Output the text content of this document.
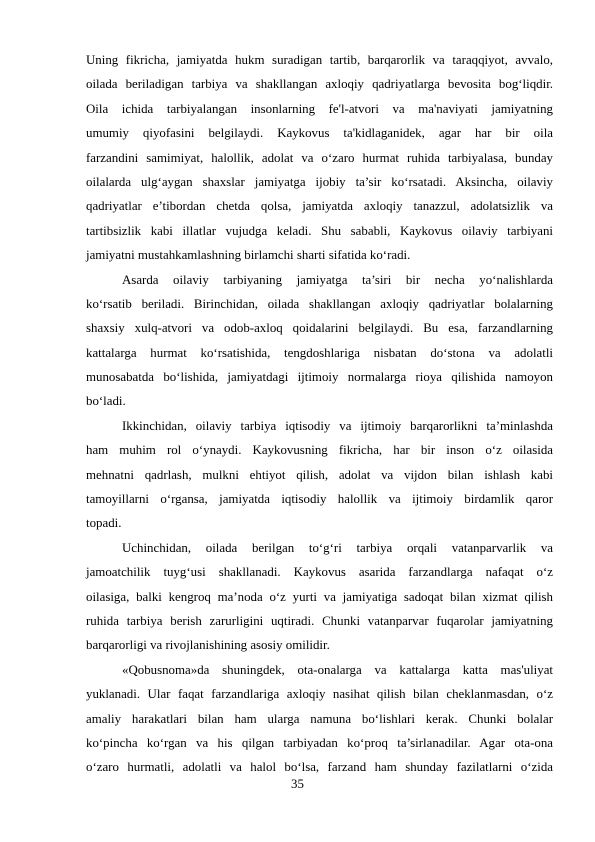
Uning fikricha, jamiyatda hukm suradigan tartib, barqarorlik va taraqqiyot, avvalo,
oilada beriladigan tarbiya va shakllangan axloqiy qadriyatlarga bevosita bog‘liqdir.
Oila ichida tarbiyalangan insonlarning fe'l-atvori va ma'naviyati jamiyatning
umumiy qiyofasini belgilaydi. Kaykovus ta'kidlaganidek, agar har bir oila
farzandini samimiyat, halollik, adolat va o‘zaro hurmat ruhida tarbiyalasa, bunday
oilalarda ulg‘aygan shaxslar jamiyatga ijobiy ta’sir ko‘rsatadi. Aksincha, oilaviy
qadriyatlar e’tibordan chetda qolsa, jamiyatda axloqiy tanazzul, adolatsizlik va
tartibsizlik kabi illatlar vujudga keladi. Shu sababli, Kaykovus oilaviy tarbiyani
jamiyatni mustahkamlashning birlamchi sharti sifatida ko‘radi.
Asarda oilaviy tarbiyaning jamiyatga ta’siri bir necha yo‘nalishlarda
ko‘rsatib beriladi. Birinchidan, oilada shakllangan axloqiy qadriyatlar bolalarning
shaxsiy xulq-atvori va odob-axloq qoidalarini belgilaydi. Bu esa, farzandlarning
kattalarga hurmat ko‘rsatishida, tengdoshlariga nisbatan do‘stona va adolatli
munosabatda bo‘lishida, jamiyatdagi ijtimoiy normalarga rioya qilishida namoyon
bo‘ladi.
Ikkinchidan, oilaviy tarbiya iqtisodiy va ijtimoiy barqarorlikni ta’minlashda
ham muhim rol o‘ynaydi. Kaykovusning fikricha, har bir inson o‘z oilasida
mehnatni qadrlash, mulkni ehtiyot qilish, adolat va vijdon bilan ishlash kabi
tamoyillarni o‘rgansa, jamiyatda iqtisodiy halollik va ijtimoiy birdamlik qaror
topadi.
Uchinchidan, oilada berilgan to‘g‘ri tarbiya orqali vatanparvarlik va
jamoatchilik tuyg‘usi shakllanadi. Kaykovus asarida farzandlarga nafaqat o‘z
oilasiga, balki kengroq ma’noda o‘z yurti va jamiyatiga sadoqat bilan xizmat qilish
ruhida tarbiya berish zarurligini uqtiradi. Chunki vatanparvar fuqarolar jamiyatning
barqarorligi va rivojlanishining asosiy omilidir.
«Qobusnoma»da shuningdek, ota-onalarga va kattalarga katta mas'uliyat
yuklanadi. Ular faqat farzandlariga axloqiy nasihat qilish bilan cheklanmasdan, o‘z
amaliy harakatlari bilan ham ularga namuna bo‘lishlari kerak. Chunki bolalar
ko‘pincha ko‘rgan va his qilgan tarbiyadan ko‘proq ta’sirlanadilar. Agar ota-ona
o‘zaro hurmatli, adolatli va halol bo‘lsa, farzand ham shunday fazilatlarni o‘zida
35
